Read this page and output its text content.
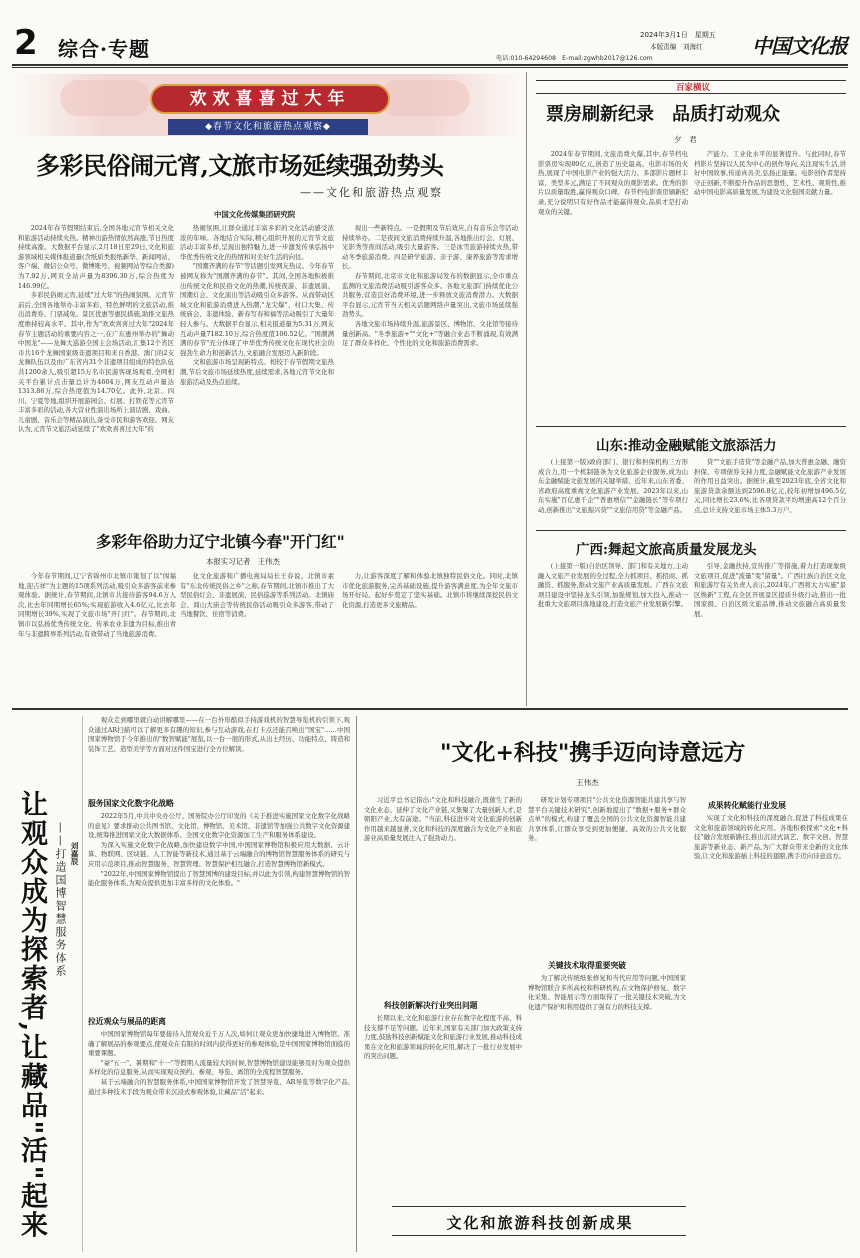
2 综合·专题
2024年3月1日　星期五
本版责编　刘海红
电话:010-64294608　E-mail:zgwhb2017@126.com
中国文化报
欢欢喜喜过大年
◆春节文化和旅游热点观察◆
多彩民俗闹元宵,文旅市场延续强劲势头
——文化和旅游热点观察
中国文化传媒集团研究院

2024年春节假期结束后,全国各地元宵节相关文化和旅游活动持续火热。精神出游热情依然高涨,节日热度持续高涨。大数据平台显示,2月18日至29日,文化和旅游领域相关媒体报道量(含纸质类报纸新华、新闻网站、客户端、微信公众号、微博账号、视频网站等综合类源)为7.92万,网页全站声量为8396.30万,综合热度为146.99亿。

多彩民俗闹元宵,延续"过大年"的热闹氛围。元宵节前后,全国各地举办丰富多彩、特色鲜明的文旅活动,推出消费券、门票减免、景区优惠等惠民措施,助推文旅热度维持较高水平。其中,作为"欢欢喜喜过大年"2024年春节主题活动的重要内容之一,在广东惠州举办的"舞动中国龙"——龙舞大巡游全国主会场活动,汇集12个省区市共16个龙舞国家级非遗项目和来自香港、澳门的2支龙舞队伍以及由广东省内31个非遗项目组成的特色队伍共1200余人,吸引超15万名市民游客现场观看,全网相关平台累计点击量总计为4604万,网友互动声量达1313.86万,综合热度值为14.70亿。此外,北京、四川、宁夏等地,组织开展游园会、灯展、打铁花等元宵节丰富多彩的活动,各大营业性演出场所上演话剧、戏曲、儿童剧、音乐会等精品演出,备受市民和游客欢迎。网友认为,元宵节文旅活动延续了"欢欢喜喜过大年"的

热闹氛围,让群众通过丰富多彩的文化活动感受浓浓的年味。各地结合实际,精心组织开展的元宵节文旅活动丰富多样,呈现出独特魅力,进一步激发传承弘扬中华优秀传统文化的热情和对美好生活的向往。

"国潮齐满的春节"等话题引发网友热议。今年春节被网友称为"国潮齐满的春节"。其间,全国各地积极推出传统文化和民俗文化的热潮,传统夜游、非遗展演、国潮灯会、文化演出等活动吸引众多游客。从而带动区域文化和旅游消费进入热潮,"龙尖爆"、村口大集、传统庙会、非遗体验、新春写春和福等活动吸引了大量年轻人参与。大数据平台显示,相关报道量为5.31万,网友互动声量7182.10万,综合热度值106.52亿。"国潮满满的春节"充分体现了中华优秀传统文化在现代社会的强劲生命力和创新活力,文旅融合发展迈入新阶段。

文和旅游市场呈现新特点。相较于春节假期文旅热潮,节后文旅市场延续热度,延续需求,各地元宵节文化和旅游活动及热点延续。

现出一些新特点。一是假期及节后效应,自有音乐会等活动持续举办。二是夜间文旅消费持续升温,各地推出灯会、灯展、光影秀等夜间活动,吸引大量游客。三是冰雪旅游持续火热,带动冬季旅游消费。四是研学旅游、亲子游、康养旅游等需求增长。

春节期间,北京市文化和旅游局发布的数据显示,全市重点监测的文旅消费活动吸引游客众多。各地文旅部门持续优化公共服务,营造良好消费环境,进一步释放文旅消费潜力。大数据平台显示,元宵节当天相关话题网络声量突出,文旅市场延续强劲势头。

各地文旅市场持续升温,旅游景区、博物馆、文化馆等接待量创新高。"冬季旅游+""文化+"等融合业态不断涌现,有效满足了群众多样化、个性化的文化和旅游消费需求。

多彩年俗助力辽宁北镇今春"开门红"
本报实习记者　王伟杰

今年春节期间,辽宁省锦州市北镇市策划了以"闯福地,迎吉祥"为主题的15项系列活动,吸引众多游客前来参观体验。据统计,春节期间,北镇市共接待游客94.6万人次,比去年同期增长65%;实现旅游收入4.6亿元,比去年同期增长39%,实现了文旅市场"开门红"。春节期间,北镇市以弘扬优秀传统文化、传承农业非遗为目标,推出青年与非遗跨界系列活动,有效带动了当地旅游消费。

化文化旅游和广播电视局局长王春说。北镇市素有"东北传统民俗之乡"之称,春节期间,北镇市推出了大型民俗灯会、非遗展演、民俗巡游等系列活动。北镇庙会、闾山大庙会等传统民俗活动吸引众多游客,带动了当地餐饮、住宿等消费。

力,让游客深度了解和体验北镇独特民俗文化。同时,北镇市优化旅游服务,完善基础设施,提升游客满意度,为全年文旅市场开好局、起好步奠定了坚实基础。北镇市将继续深挖民俗文化资源,打造更多文旅精品。

百家横议
票房刷新纪录　品质打动观众
夕　君

2024年春节期间,文旅消费火爆,其中,春节档电影票房实现80亿元,创造了历史最高。电影市场的火热,展现了中国电影产业的强大活力。多部影片题材丰富、类型多元,满足了不同观众的观影需求。优秀的影片以质量取胜,赢得观众口碑。春节档电影票房刷新纪录,充分说明只有好作品才能赢得观众,品质才是打动观众的关键。

产能力、工业化水平的显著提升。与此同时,春节档影片坚持以人民为中心的创作导向,关注现实生活,讲好中国故事,传递真善美,弘扬正能量。电影创作者坚持守正创新,不断提升作品的思想性、艺术性、观赏性,推动中国电影高质量发展,为建设文化强国贡献力量。

山东:推动金融赋能文旅添活力

(上接第一版)政府部门、银行和担保机构三方形成合力,用一个机制链条为文化旅游企业服务,成为山东金融赋能文旅发展的关键举措。近年来,山东省委、省政府高度重视文化旅游产业发展。2023年以来,山东实施"百亿惠千企""普惠增信""金融链长"等专项行动,创新推出"文旅振兴贷""文旅信用贷"等金融产品。

贷""文旅手造贷"等金融产品,加大普惠金融、融资担保、专项债券支持力度,金融赋能文化旅游产业发展的作用日益突出。据统计,截至2023年底,全省文化和旅游贷款余额达到2596.8亿元,较年初增加496.5亿元,同比增长23.6%,比各项贷款平均增速高12个百分点,总计支持文旅市场主体5.3万户。

广西:舞起文旅高质量发展龙头

(上接第一版)自治区领导、部门和有关地方,主动融入文旅产业发展的全过程,全力抓项目、抓招商、抓融资、抓服务,推动文旅产业高质量发展。广西在文旅项目建设中坚持龙头引领,加强规划,加大投入,推动一批重大文旅项目落地建设,打造文旅产业发展新引擎。

引导,金融扶持,宣传推广等措施,着力打造现象级文旅项目,促进"流量"变"留量"。广西壮族自治区文化和旅游厅有关负责人表示,2024年,广西将大力实施"景区焕新"工程,在全区开展景区提质升级行动,推出一批国家级、自治区级文旅品牌,推动文旅融合高质量发展。

让观众成为探索者,让藏品"活"起来 ——打造国博智慧服务体系 刘嘉辰

观众走到哪里就自动讲解哪里——在一台外形酷似手持游戏机的智慧导览机的引领下,观众通过AR扫描可以了解更多有趣的知识,参与互动游戏,在打卡点还能召唤出"国宝"……中国国家博物馆于今年推出的"数智赋能"展览,以一台一展的形式,从出土经历、功能特点、铸造和装饰工艺、造型美学等方面对这件国宝进行全方位解读。

服务国家文化数字化战略

2022年5月,中共中央办公厅、国务院办公厅印发的《关于推进实施国家文化数字化战略的意见》要求推动公共图书馆、文化馆、博物馆、美术馆、非遗馆等加强公共数字文化资源建设,统筹推进国家文化大数据体系、全国文化数字化资源加工生产和服务体系建设。

为深入实施文化数字化战略,加快建设数字中国,中国国家博物馆积极应用大数据、云计算、物联网、区块链、人工智能等新技术,通过基于云端融合的博物馆智慧服务体系的研究与应用示范项目,推动智慧服务、智慧管理、智慧保护相互融合,打造智慧博物馆新模式。

"2022年,中国国家博物馆提出了智慧国博的建设目标,并以此为引领,构建智慧博物馆的智能化服务体系,为观众提供更加丰富多样的文化体验。"

拉近观众与展品的距离

中国国家博物馆每年要接待入馆观众近千万人次,如何让观众更加快捷地进入博物馆、准确了解展品的参观要点,使观众在有限的时间内获得更好的参观体验,是中国国家博物馆面临的重要课题。

"豪"五一"、暑期和"十一"等假期人流量较大的时候,智慧博物馆建设能够及时为观众提供多样化的信息服务,从而实现观众预约、参观、导览、离馆的全流程智慧服务。

基于云端融合的智慧服务体系,中国国家博物馆开发了智慧导览、AR导览等数字化产品,通过多种技术手段为观众带来沉浸式参观体验,让藏品"活"起来。

"文化+科技"携手迈向诗意远方
王伟杰

习近平总书记指出:"文化和科技融合,既催生了新的文化业态、延伸了文化产业链,又集聚了大量创新人才,是朝阳产业,大有前途。"当前,科技进步对文化旅游的创新作用越来越显著,文化和科技的深度融合为文化产业和旅游业高质量发展注入了强劲动力。

科技创新解决行业突出问题

长期以来,文化和旅游行业存在数字化程度不高、科技支撑不足等问题。近年来,国家有关部门加大政策支持力度,鼓励科技创新赋能文化和旅游行业发展,推动科技成果在文化和旅游领域的转化应用,解决了一批行业发展中的突出问题。

研发计划专项项目"公共文化资源智能共建共享与智慧平台关键技术研究",创新地提出了"数据+服务+群众点单"的模式,构建了覆盖全国的公共文化资源智能共建共享体系,让群众享受到更加便捷、高效的公共文化服务。

关键技术取得重要突破

为了解决传统纸张修复和当代应用等问题,中国国家博物馆联合多所高校和科研机构,在文物保护修复、数字化采集、智能展示等方面取得了一批关键技术突破,为文化遗产保护和利用提供了强有力的科技支撑。

成果转化赋能行业发展

实现了文化和科技的深度融合,促进了科技成果在文化和旅游领域的转化应用。各地积极探索"文化+科技"融合发展新路径,推出沉浸式演艺、数字文创、智慧旅游等新业态、新产品,为广大群众带来全新的文化体验,让文化和旅游插上科技的翅膀,携手迈向诗意远方。

文化和旅游科技创新成果
